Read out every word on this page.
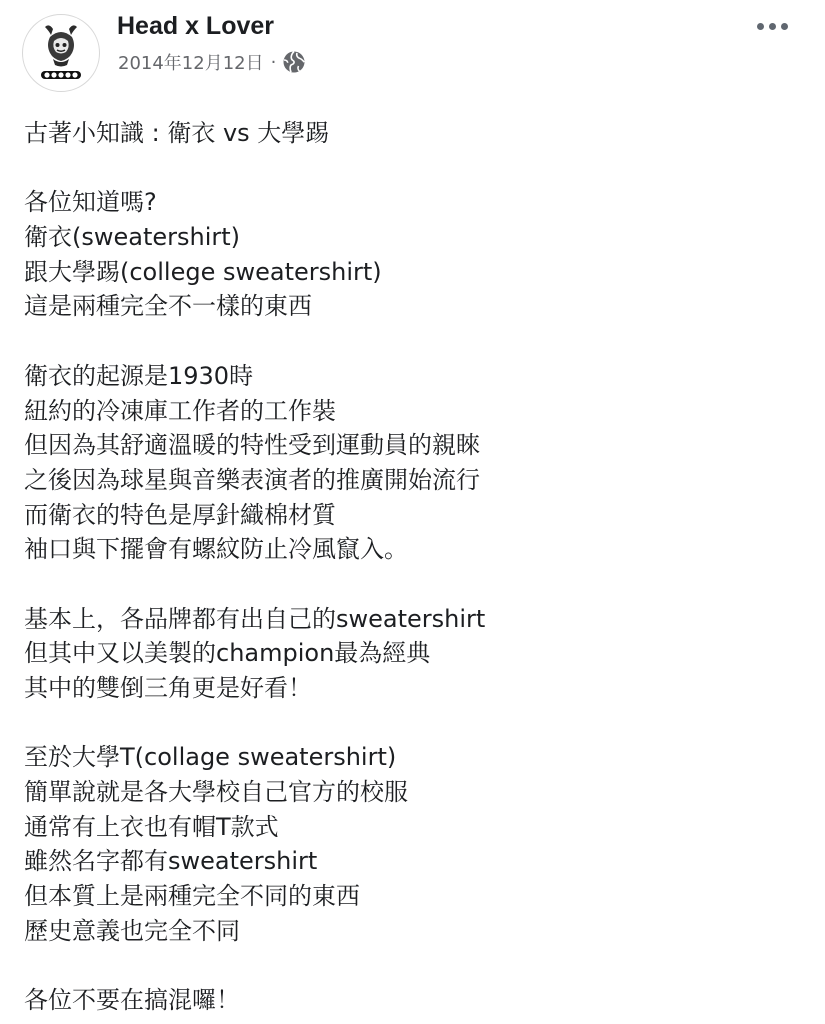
Head x Lover
2014年12月12日 ·
古著小知識 : 衛衣 vs 大學踢
各位知道嗎?
衛衣(sweatershirt)
跟大學踢(college sweatershirt)
這是兩種完全不一樣的東西
衛衣的起源是1930時
紐約的冷凍庫工作者的工作裝
但因為其舒適溫暖的特性受到運動員的親睞
之後因為球星與音樂表演者的推廣開始流行
而衛衣的特色是厚針織棉材質
袖口與下擺會有螺紋防止冷風竄入。
基本上，各品牌都有出自己的sweatershirt
但其中又以美製的champion最為經典
其中的雙倒三角更是好看！
至於大學T(collage sweatershirt)
簡單說就是各大學校自己官方的校服
通常有上衣也有帽T款式
雖然名字都有sweatershirt
但本質上是兩種完全不同的東西
歷史意義也完全不同
各位不要在搞混囉！
